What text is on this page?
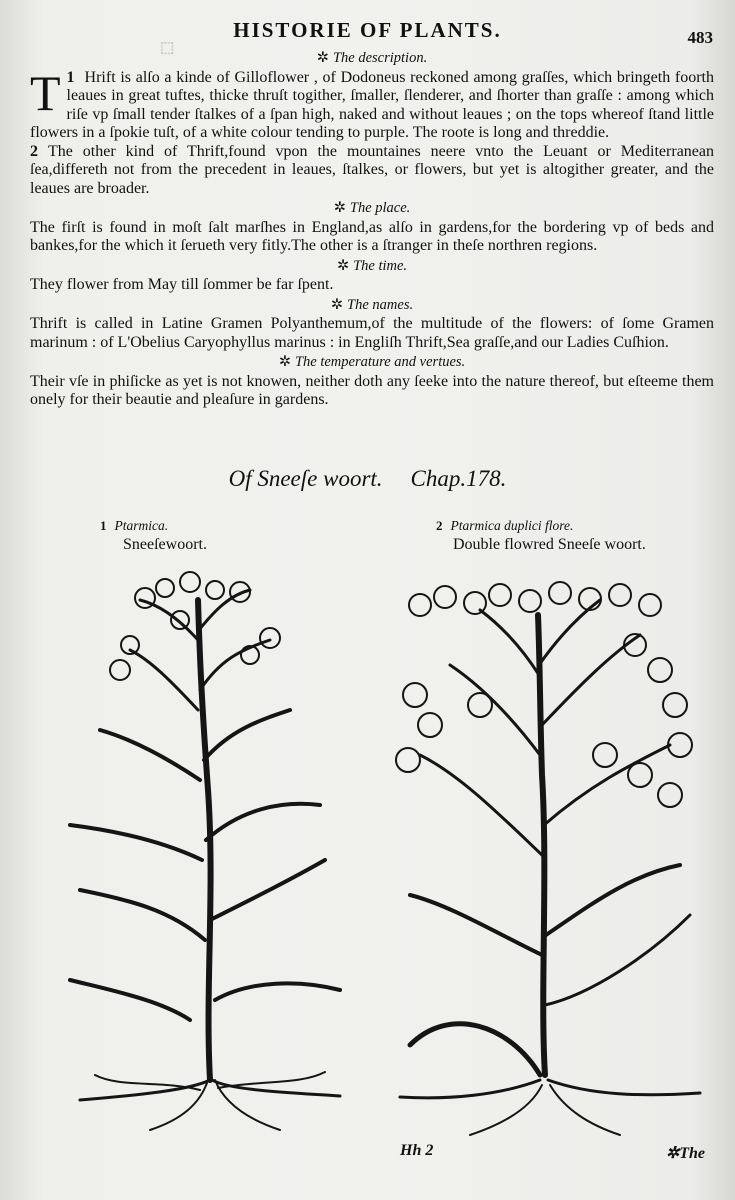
⬚
HISTORIE OF PLANTS.	483
✲ The description.

1
T Hrift is alſo a kinde of Gilloflower , of Dodoneus reckoned among graſſes, which bringeth foorth leaues in great tuftes, thicke thruſt togither, ſmaller, ſlenderer, and ſhorter than graſſe : among which riſe vp ſmall tender ſtalkes of a ſpan high, naked and without leaues ; on the tops whereof ſtand little flowers in a ſpokie tuſt, of a white colour tending to purple. The roote is long and threddie.

2 The other kind of Thrift,found vpon the mountaines neere vnto the Leuant or Mediterranean ſea,differeth not from the precedent in leaues, ſtalkes, or flowers, but yet is altogither greater, and the leaues are broader.

✲ The place.

The firſt is found in moſt ſalt marſhes in England,as alſo in gardens,for the bordering vp of beds and bankes,for the which it ſerueth very fitly.The other is a ſtranger in theſe northren regions.

✲ The time.

They flower from May till ſommer be far ſpent.

✲ The names.

Thrift is called in Latine Gramen Polyanthemum,of the multitude of the flowers: of ſome Gramen marinum : of L'Obelius Caryophyllus marinus : in Engliſh Thrift,Sea graſſe,and our Ladies Cuſhion.

✲ The temperature and vertues.

Their vſe in phiſicke as yet is not knowen, neither doth any ſeeke into the nature thereof, but eſteeme them onely for their beautie and pleaſure in gardens.

Of Sneeſe woort. Chap.178.
1 Ptarmica.
Sneeſewoort.
2 Ptarmica duplici flore.
Double flowred Sneeſe woort.
Hh 2	✲The
